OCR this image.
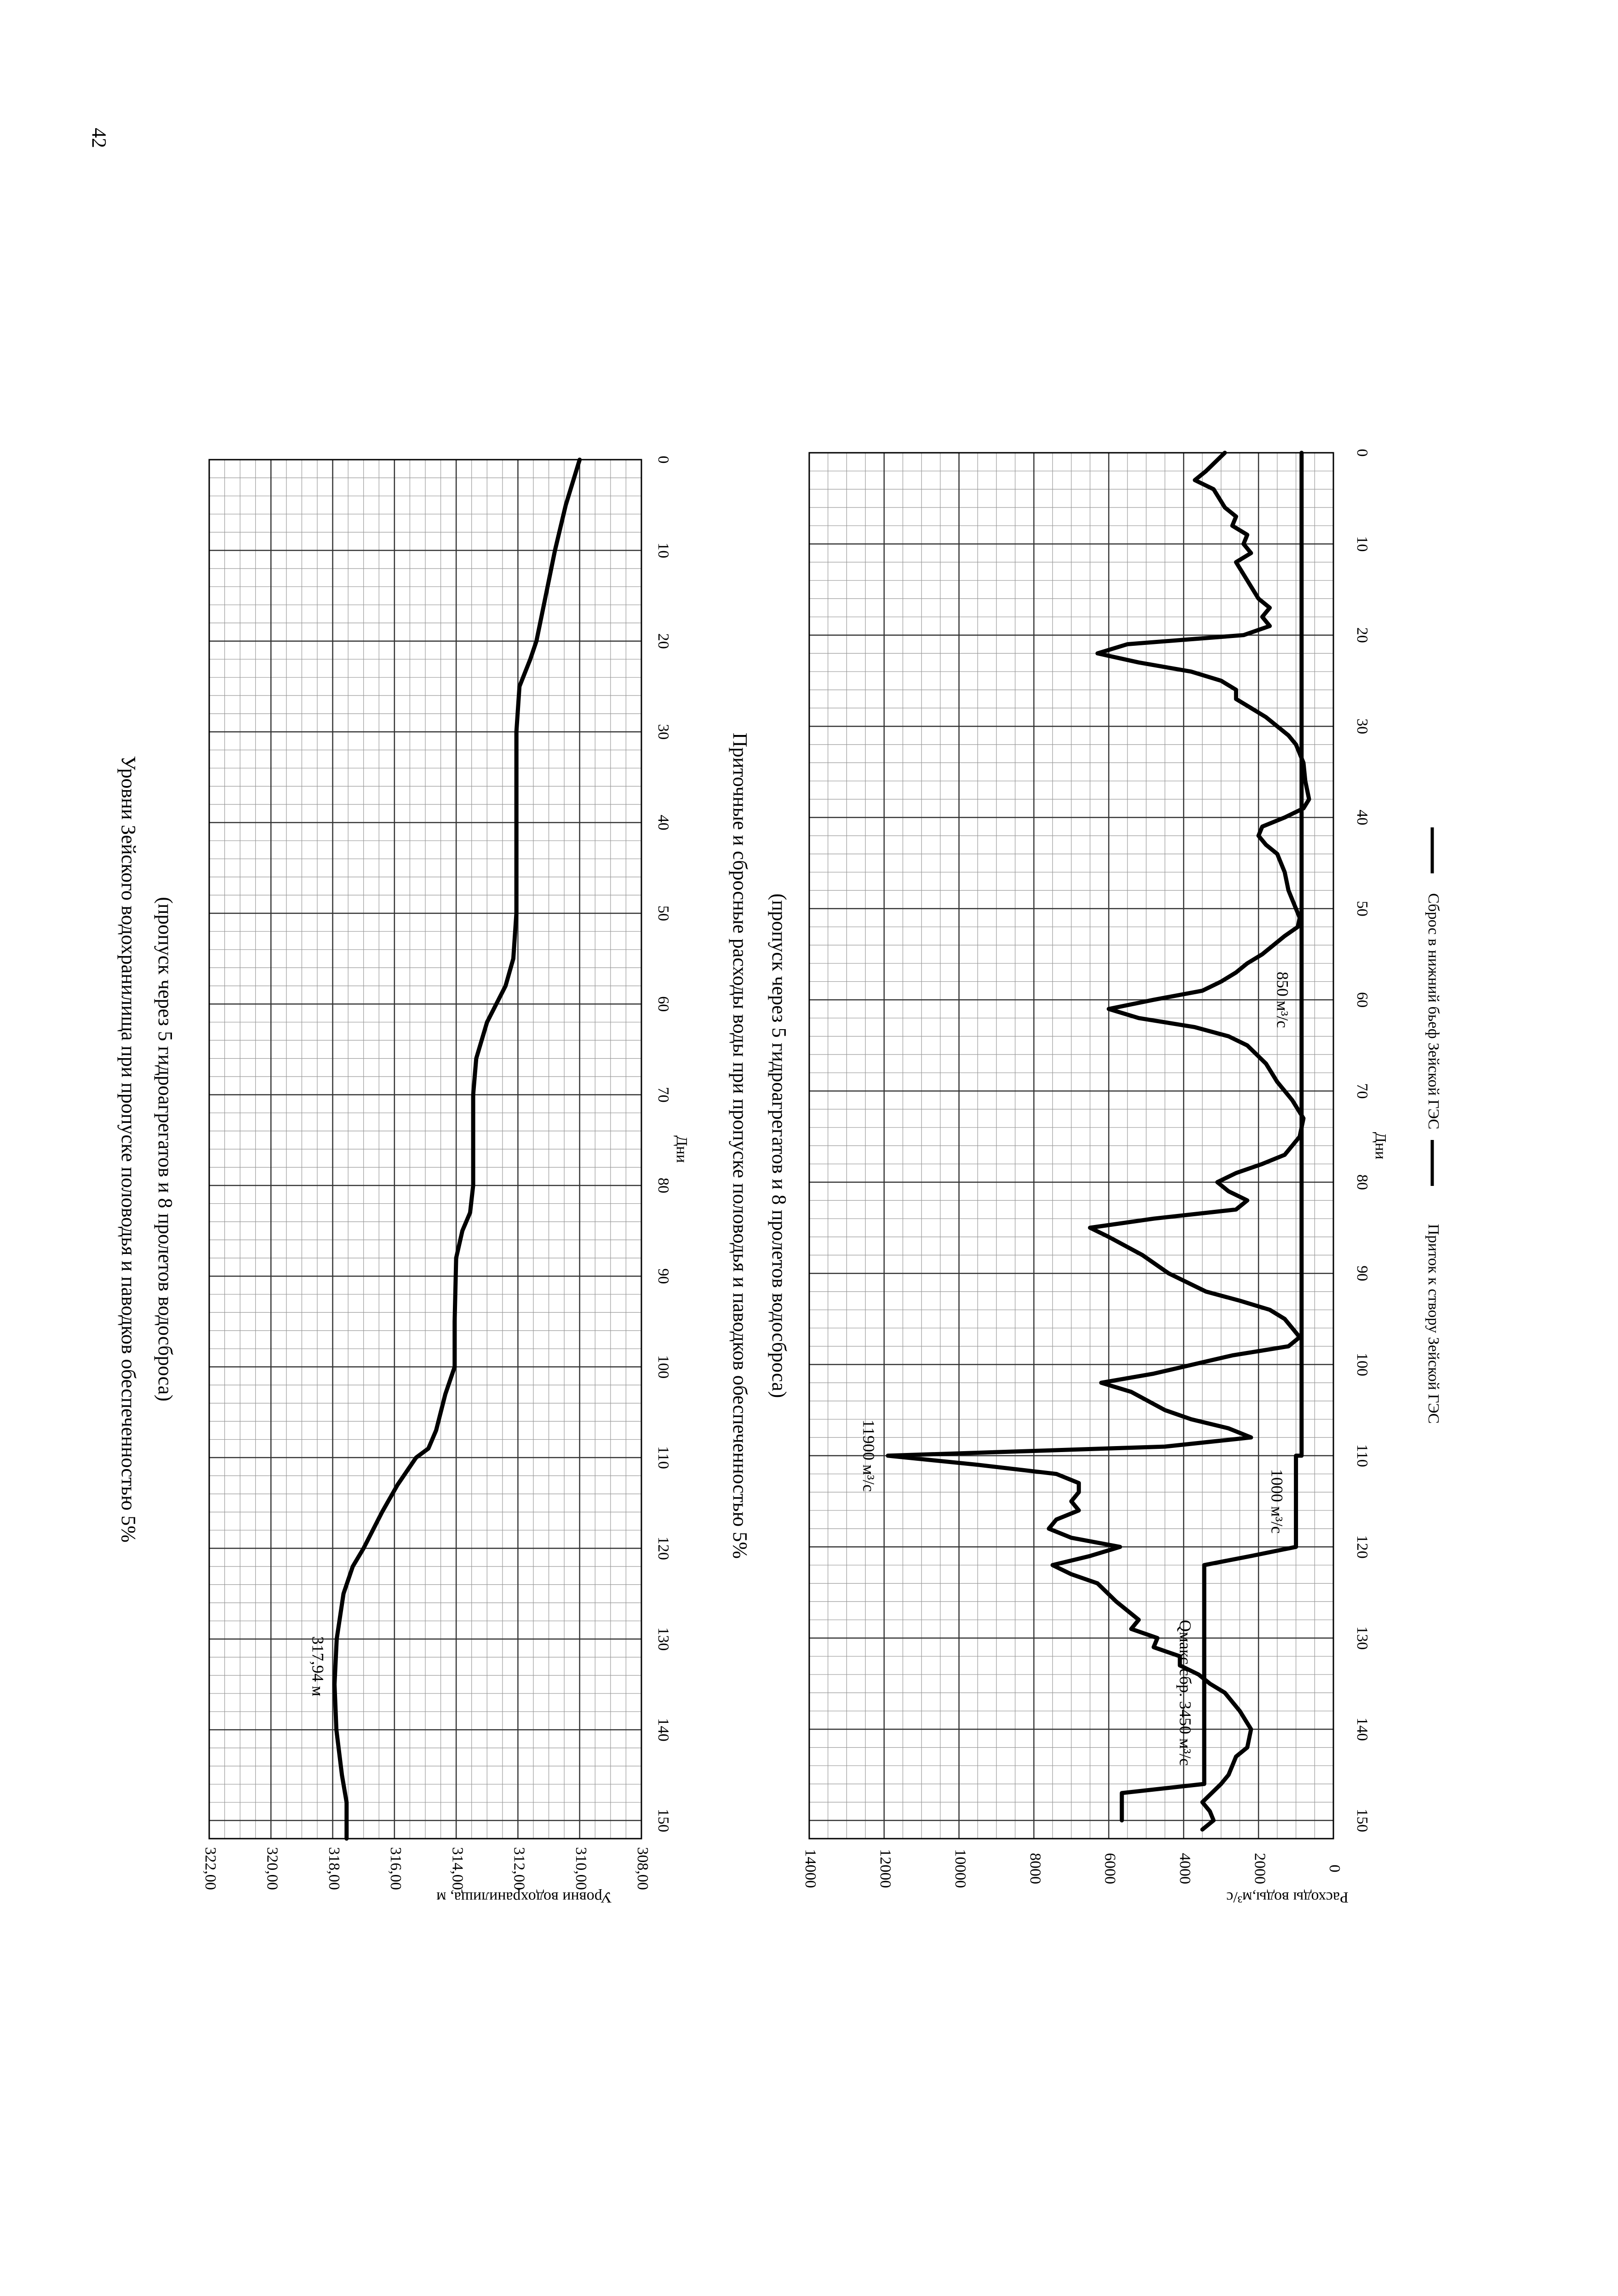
42
308,00
310,00
312,00
314,00
316,00
318,00
320,00
322,00
0
10
20
30
40
50
60
70
80
90
100
110
120
130
140
150
Уровни Зейского водохранилища при пропуске половодья и паводков обеспеченностью 5% (пропуск через 5 гидроагрегатов и 8 пролетов водосброса)	Дни
Уровни водохранилища, м
317,94 м
0
2000
4000
6000
8000
10000
12000
14000
0
10
20
30
40
50
60
70
80
90
100
110
120
130
140
150
Приточные и сбросные расходы воды при пропуске половодья и паводков обеспеченностью 5% (пропуск через 5 гидроагрегатов и 8 пролетов водосброса)	Дни
Расходы воды,м³/с
11900 м³/с
850 м³/с
1000 м³/с
Qмакс.сбр. 3450 м³/с
Приток к створу Зейской ГЭС
Сброс в нижний бьеф Зейской ГЭС
